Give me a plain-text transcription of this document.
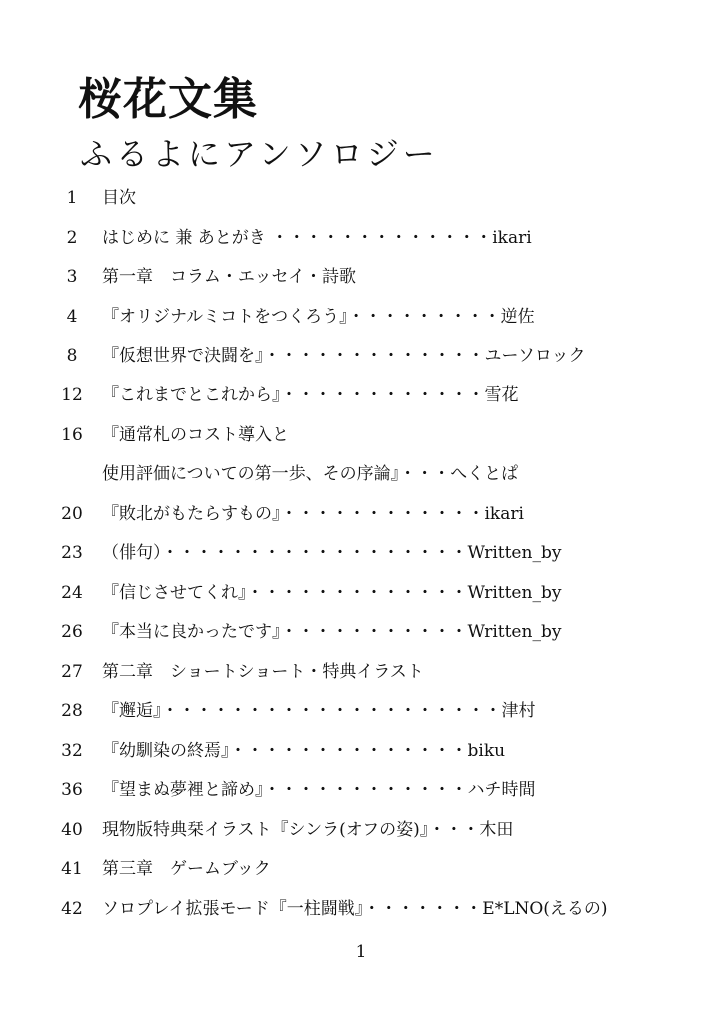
桜花文集
ふるよにアンソロジー
1	目次
2	はじめに 兼 あとがき ・・・・・・・・・・・・・ikari
3	第一章　コラム・エッセイ・詩歌
4	『オリジナルミコトをつくろう』・・・・・・・・・逆佐
8	『仮想世界で決闘を』・・・・・・・・・・・・・ユーソロック
12	『これまでとこれから』・・・・・・・・・・・・雪花
16	『通常札のコスト導入と
使用評価についての第一歩、その序論』・・・へくとぱ
20	『敗北がもたらすもの』・・・・・・・・・・・・ikari
23	（俳句）・・・・・・・・・・・・・・・・・・Written_by
24	『信じさせてくれ』・・・・・・・・・・・・・Written_by
26	『本当に良かったです』・・・・・・・・・・・Written_by
27	第二章　ショートショート・特典イラスト
28	『邂逅』・・・・・・・・・・・・・・・・・・・・津村
32	『幼馴染の終焉』・・・・・・・・・・・・・・biku
36	『望まぬ夢裡と諦め』・・・・・・・・・・・・ハチ時間
40	現物版特典栞イラスト『シンラ(オフの姿)』・・・木田
41	第三章　ゲームブック
42	ソロプレイ拡張モード『一柱闘戦』・・・・・・・E*LNO(えるの)
1
